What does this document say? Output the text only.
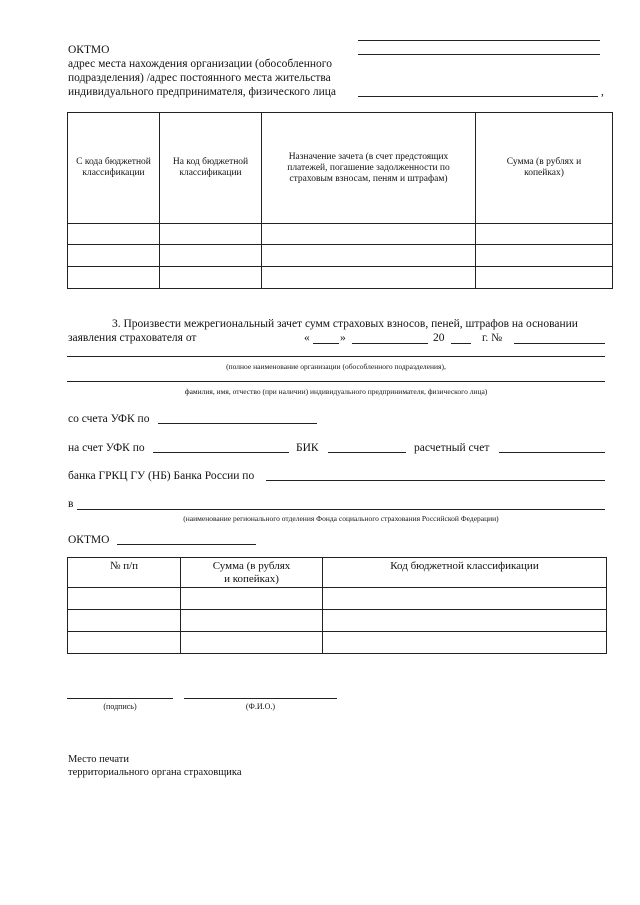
ОКТМО
адрес места нахождения организации (обособленного
подразделения) /адрес постоянного места жительства
индивидуального предпринимателя, физического лица	,
С кода бюджетной классификации	На код бюджетной классификации	Назначение зачета (в счет предстоящих платежей, погашение задолженности по страховым взносам, пеням и штрафам)	Сумма (в рублях и копейках)

3. Произвести межрегиональный зачет сумм страховых взносов, пеней, штрафов на основании
заявления страхователя от	«	»	20	г. №
(полное наименование организации (обособленного подразделения),
фамилия, имя, отчество (при наличии) индивидуального предпринимателя, физического лица)
со счета УФК по
на счет УФК по	БИК	расчетный счет
банка ГРКЦ ГУ (НБ) Банка России по
в
(наименование регионального отделения Фонда социального страхования Российской Федерации)
ОКТМО
№ п/п	Сумма (в рублях и копейках)	Код бюджетной классификации

(подпись)	(Ф.И.О.)
Место печати
территориального органа страховщика
